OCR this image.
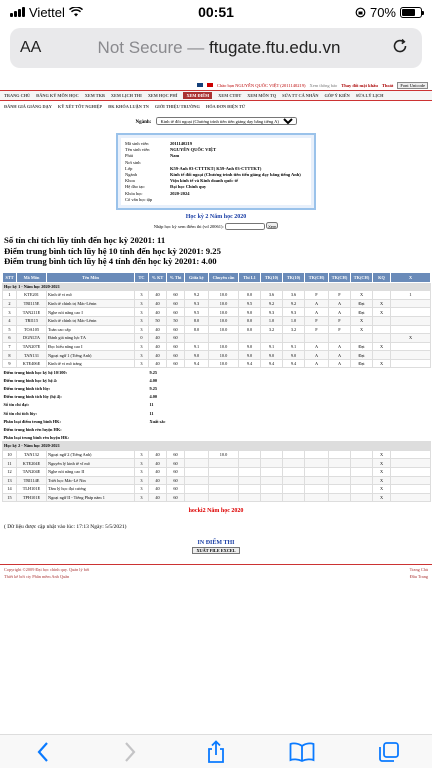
Viettel	00:51	70%
AA	Not Secure — ftugate.ftu.edu.vn
Chào bạn NGUYỄN QUỐC VIỆT (2011140219) Xem thông báo Thay đổi mật khẩu Thoát	Font Unicode
TRANG CHỦ ĐĂNG KÝ MÔN HỌC XEM TKB XEM LỊCH THI XEM HỌC PHÍ	XEM ĐIỂM	XEM CTĐT XEM MÔN TQ SỬA TT CÁ NHÂN GÓP Ý KIẾN SỬA LÝ LỊCH
ĐÁNH GIÁ GIẢNG DẠY KỸ XÉT TỐT NGHIỆP ĐK KHÓA LUẬN TN GIỚI THIỆU TRƯỜNG HÓA ĐƠN ĐIỆN TỬ
Ngành:
Kinh tế đối ngoại (Chương trình tiên tiến giảng dạy bằng tiếng A)
Mã sinh viên	2011140219
Tên sinh viên	NGUYỄN QUỐC VIỆT
Phái	Nam
Nơi sinh
Lớp	K59-Anh 03-CTTTKT( K59-Anh 03-CTTTKT)
Ngành	Kinh tế đối ngoại (Chương trình tiên tiến giảng dạy bằng tiếng Anh)
Khoa	Viện kinh tế và Kinh doanh quốc tế
Hệ đào tạo	Đại học Chính quy
Khóa học	2020-2024
Cố vấn học tập
Học kỳ 2 Năm học 2020
Nhập học kỳ xem điểm thi (vd 20061):	Xem
Số tín chỉ tích lũy tính đến học kỳ 20201: 11
Điểm trung bình tích lũy hệ 10 tính đến học kỳ 20201: 9.25
Điểm trung bình tích lũy hệ 4 tính đến học kỳ 20201: 4.00
STT	Mã Môn	Tên Môn	TC	% KT	% Thi	Giữa kỳ	Chuyên cần	Thi L1	TK(10)	TK(10)	TK(CH)	TK(CH)	TK(CH)	KQ	X
Học kỳ 1 - Năm học 2020-2021															
1	KTE201	Kinh tế vi mô	3	40	60	9.2	10.0	0.0	3.6	3.6	F	F	X		1
2	TRI115E	Kinh tế chính trị Mác-Lênin	3	40	60	9.3	10.0	9.5	9.2	9.2	A	A	Đạt	X	
3	TAN211E	Nghe nói nâng cao I	3	40	60	9.5	10.0	9.0	9.3	9.3	A	A	Đạt	X	
4	TRI115	Kinh tế chính trị Mác-Lênin	3	50	50	8.0	10.0	0.0	1.0	1.0	F	F	X		
5	TOA105	Toán cao cấp	3	40	60	8.0	10.0	0.0	3.2	3.2	F	F	X		
6	DGNLTA	Đánh giá năng lực TA	0	40	60										X
7	TAN207E	Đọc hiểu nâng cao I	3	40	60	9.1	10.0	9.0	9.1	9.1	A	A	Đạt	X	
8	TAN131	Ngoại ngữ 1 (Tiếng Anh)	3	40	60	9.0	10.0	9.0	9.0	9.0	A	A	Đạt		
9	KTE406E	Kinh tế vi mô tráng	3	40	60	9.4	10.0	9.4	9.4	9.4	A	A	Đạt	X	
Điểm trung bình học kỳ hệ 10/100:				9.25											
Điểm trung bình học kỳ hệ 4:				4.00											
Điểm trung bình tích lũy:				9.25											
Điểm trung bình tích lũy (hệ 4):				4.00											
Số tín chỉ đạt:				11											
Số tín chỉ tích lũy:				11											
Phân loại điểm trung bình HK:				Xuất sắc											
Điểm trung bình rèn luyện HK:															
Phân loại trung bình rèn luyện HK:															
Học kỳ 2 - Năm học 2020-2021															
10	TAN132	Ngoại ngữ 2 (Tiếng Anh)	3	40	60		10.0							X	
11	KTE204E	Nguyên lý kinh tế vĩ mô	3	40	60									X	
12	TAN204E	Nghe nói nâng cao II	3	40	60									X	
13	TRI114E	Triết học Mác-Lê Nin	3	40	60									X	
14	TLH101E	Tâm lý học đại cương	3	40	60									X	
15	TPH101E	Ngoại ngữ II - Tiếng Pháp năm 1	3	40	60									X	
hocki2 Năm học 2020
( Dữ liệu được cập nhật vào lúc: 17:13 Ngày: 5/5/2021)
IN ĐIỂM THI
XUẤT FILE EXCEL
Copyright ©2009 Đại học chính quy. Quản lý bởi	Trang Chủ
Thiết kế bởi cty Phần mềm Anh Quân	Đầu Trang
